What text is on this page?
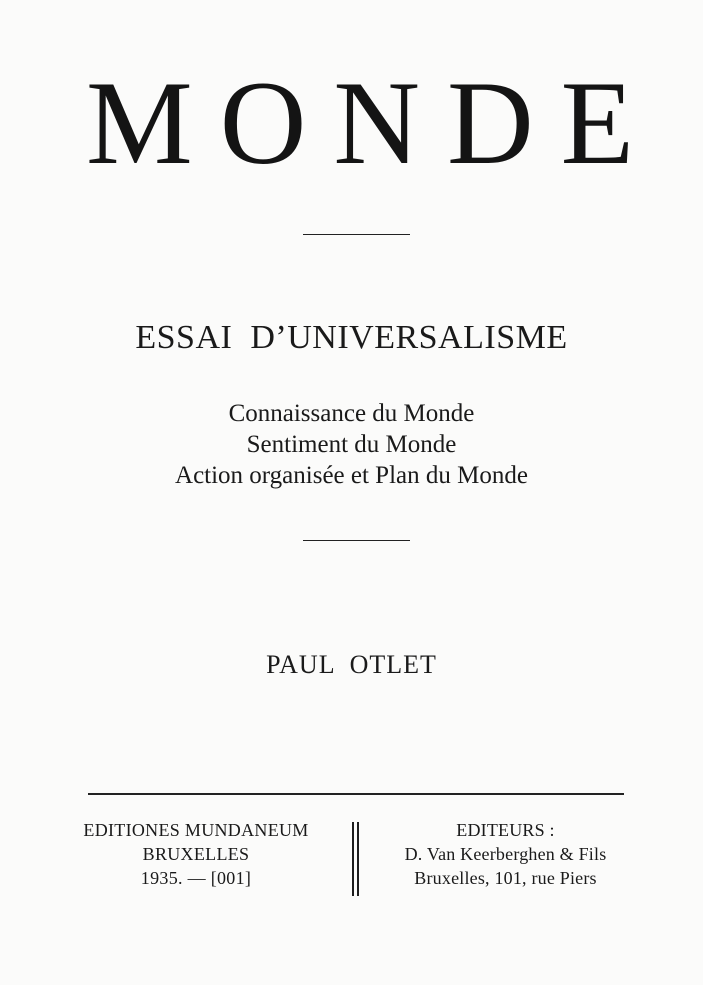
M O N D E
ESSAI  D’UNIVERSALISME
Connaissance du Monde
Sentiment du Monde
Action organisée et Plan du Monde
PAUL  OTLET
EDITIONES MUNDANEUM
BRUXELLES
1935. — [001]
EDITEURS :
D. Van Keerberghen & Fils
Bruxelles, 101, rue Piers
